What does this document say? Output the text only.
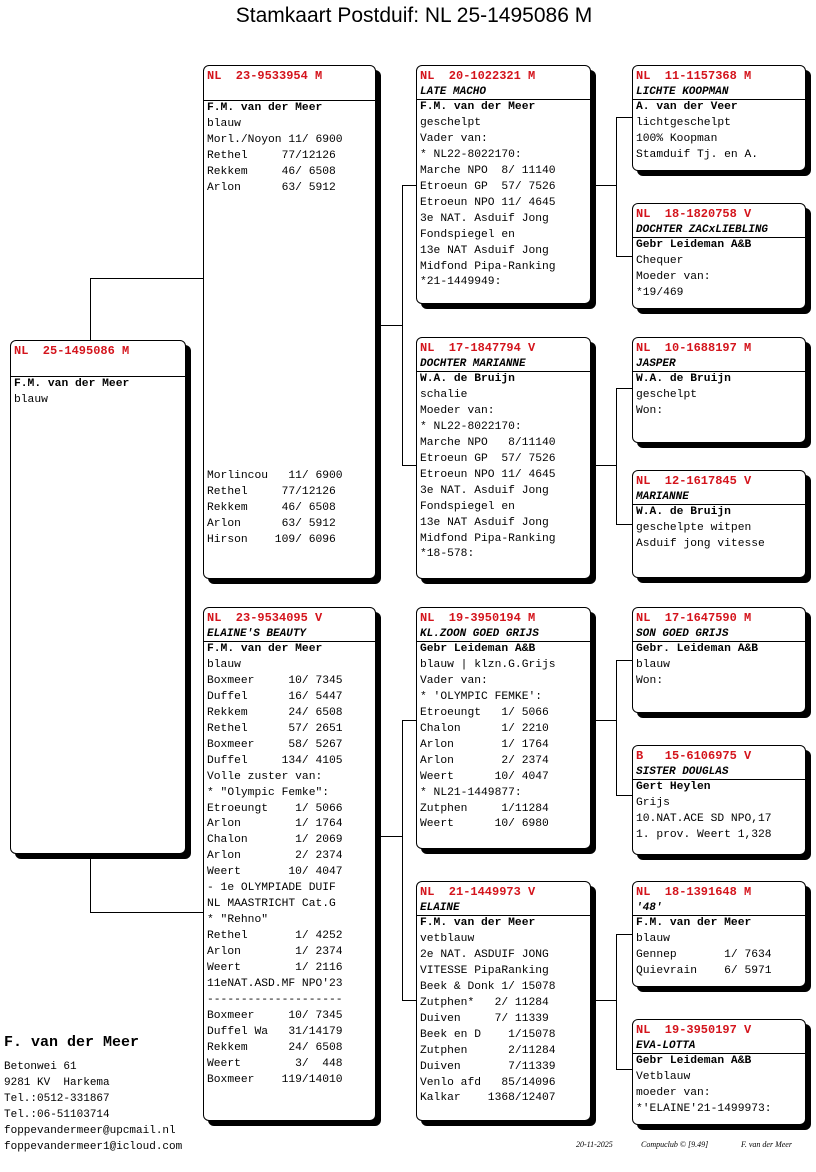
Stamkaart Postduif: NL 25-1495086 M
NL  25-1495086 M
F.M. van der Meer
blauw
NL  23-9533954 M
F.M. van der Meer
blauw
Morl./Noyon 11/ 6900
Rethel     77/12126
Rekkem     46/ 6508
Arlon      63/ 5912
Morlincou   11/ 6900
Rethel     77/12126
Rekkem     46/ 6508
Arlon      63/ 5912
Hirson    109/ 6096
NL  23-9534095 V
ELAINE'S BEAUTY
F.M. van der Meer
blauw
Boxmeer     10/ 7345
Duffel      16/ 5447
Rekkem      24/ 6508
Rethel      57/ 2651
Boxmeer     58/ 5267
Duffel     134/ 4105
Volle zuster van:
* "Olympic Femke":
Etroeungt    1/ 5066
Arlon        1/ 1764
Chalon       1/ 2069
Arlon        2/ 2374
Weert       10/ 4047
- 1e OLYMPIADE DUIF
NL MAASTRICHT Cat.G
* "Rehno"
Rethel       1/ 4252
Arlon        1/ 2374
Weert        1/ 2116
11eNAT.ASD.MF NPO'23
--------------------
Boxmeer     10/ 7345
Duffel Wa   31/14179
Rekkem      24/ 6508
Weert        3/  448
Boxmeer    119/14010
NL  20-1022321 M
LATE MACHO
F.M. van der Meer
geschelpt
Vader van:
* NL22-8022170:
Marche NPO  8/ 11140
Etroeun GP  57/ 7526
Etroeun NPO 11/ 4645
3e NAT. Asduif Jong
Fondspiegel en
13e NAT Asduif Jong
Midfond Pipa-Ranking
*21-1449949:
NL  17-1847794 V
DOCHTER MARIANNE
W.A. de Bruijn
schalie
Moeder van:
* NL22-8022170:
Marche NPO   8/11140
Etroeun GP  57/ 7526
Etroeun NPO 11/ 4645
3e NAT. Asduif Jong
Fondspiegel en
13e NAT Asduif Jong
Midfond Pipa-Ranking
*18-578:
NL  19-3950194 M
KL.ZOON GOED GRIJS
Gebr Leideman A&B
blauw | klzn.G.Grijs
Vader van:
* 'OLYMPIC FEMKE':
Etroeungt   1/ 5066
Chalon      1/ 2210
Arlon       1/ 1764
Arlon       2/ 2374
Weert      10/ 4047
* NL21-1449877:
Zutphen     1/11284
Weert      10/ 6980
NL  21-1449973 V
ELAINE
F.M. van der Meer
vetblauw
2e NAT. ASDUIF JONG
VITESSE PipaRanking
Beek & Donk 1/ 15078
Zutphen*   2/ 11284
Duiven     7/ 11339
Beek en D    1/15078
Zutphen      2/11284
Duiven       7/11339
Venlo afd   85/14096
Kalkar    1368/12407
NL  11-1157368 M
LICHTE KOOPMAN
A. van der Veer
lichtgeschelpt
100% Koopman
Stamduif Tj. en A.
NL  18-1820758 V
DOCHTER ZACxLIEBLING
Gebr Leideman A&B
Chequer
Moeder van:
*19/469
NL  10-1688197 M
JASPER
W.A. de Bruijn
geschelpt
Won:
NL  12-1617845 V
MARIANNE
W.A. de Bruijn
geschelpte witpen
Asduif jong vitesse
NL  17-1647590 M
SON GOED GRIJS
Gebr. Leideman A&B
blauw
Won:
B   15-6106975 V
SISTER DOUGLAS
Gert Heylen
Grijs
10.NAT.ACE SD NPO,17
1. prov. Weert 1,328
NL  18-1391648 M
'48'
F.M. van der Meer
blauw
Gennep       1/ 7634
Quievrain    6/ 5971
NL  19-3950197 V
EVA-LOTTA
Gebr Leideman A&B
Vetblauw
moeder van:
*'ELAINE'21-1499973:
F. van der Meer
Betonwei 61
9281 KV  Harkema
Tel.:0512-331867
Tel.:06-51103714
foppevandermeer@upcmail.nl
foppevandermeer1@icloud.com	20-11-2025	Compuclub © [9.49]	F. van der Meer
